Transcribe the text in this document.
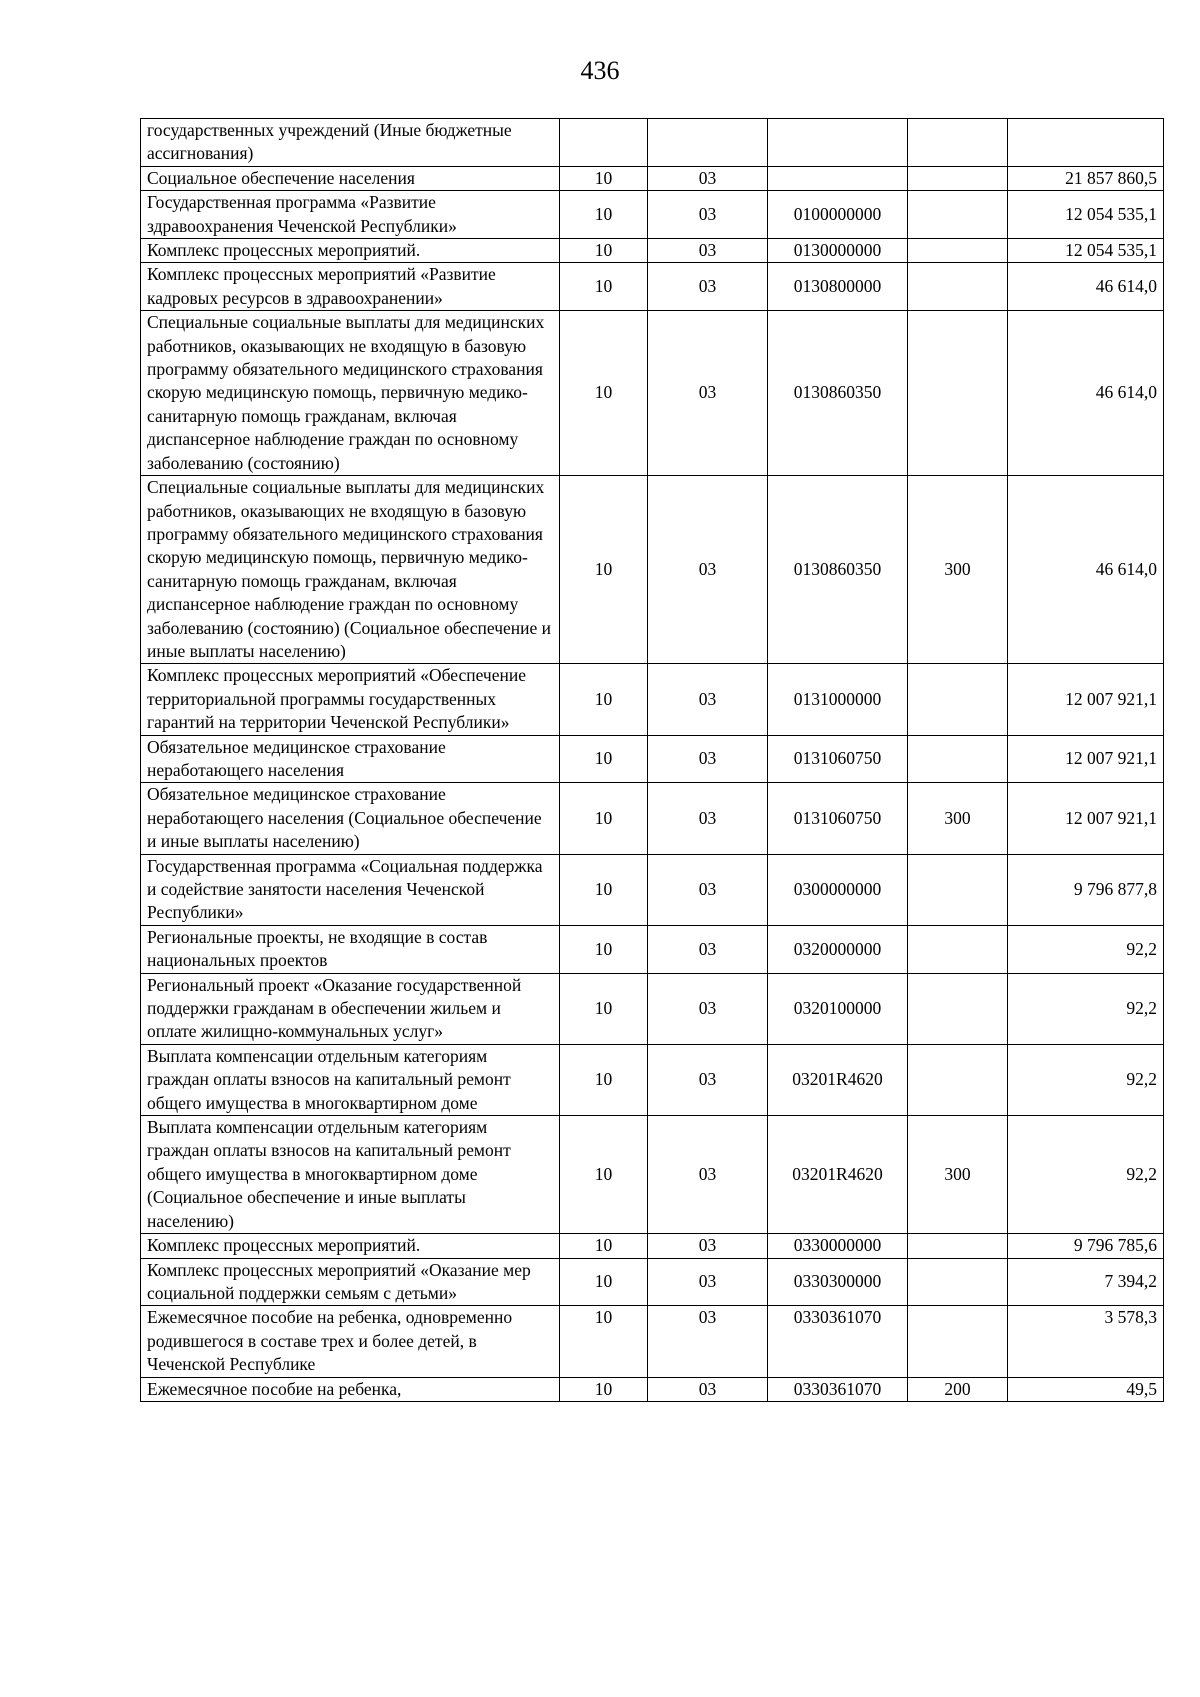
436
государственных учреждений (Иные бюджетные ассигнования)					
Социальное обеспечение населения	10	03			21 857 860,5
Государственная программа «Развитие здравоохранения Чеченской Республики»	10	03	0100000000		12 054 535,1
Комплекс процессных мероприятий.	10	03	0130000000		12 054 535,1
Комплекс процессных мероприятий «Развитие кадровых ресурсов в здравоохранении»	10	03	0130800000		46 614,0
Специальные социальные выплаты для медицинских работников, оказывающих не входящую в базовую программу обязательного медицинского страхования скорую медицинскую помощь, первичную медико-санитарную помощь гражданам, включая диспансерное наблюдение граждан по основному заболеванию (состоянию)	10	03	0130860350		46 614,0
Специальные социальные выплаты для медицинских работников, оказывающих не входящую в базовую программу обязательного медицинского страхования скорую медицинскую помощь, первичную медико-санитарную помощь гражданам, включая диспансерное наблюдение граждан по основному заболеванию (состоянию) (Социальное обеспечение и иные выплаты населению)	10	03	0130860350	300	46 614,0
Комплекс процессных мероприятий «Обеспечение территориальной программы государственных гарантий на территории Чеченской Республики»	10	03	0131000000		12 007 921,1
Обязательное медицинское страхование неработающего населения	10	03	0131060750		12 007 921,1
Обязательное медицинское страхование неработающего населения (Социальное обеспечение и иные выплаты населению)	10	03	0131060750	300	12 007 921,1
Государственная программа «Социальная поддержка и содействие занятости населения Чеченской Республики»	10	03	0300000000		9 796 877,8
Региональные проекты, не входящие в состав национальных проектов	10	03	0320000000		92,2
Региональный проект «Оказание государственной поддержки гражданам в обеспечении жильем и оплате жилищно-коммунальных услуг»	10	03	0320100000		92,2
Выплата компенсации отдельным категориям граждан оплаты взносов на капитальный ремонт общего имущества в многоквартирном доме	10	03	03201R4620		92,2
Выплата компенсации отдельным категориям граждан оплаты взносов на капитальный ремонт общего имущества в многоквартирном доме (Социальное обеспечение и иные выплаты населению)	10	03	03201R4620	300	92,2
Комплекс процессных мероприятий.	10	03	0330000000		9 796 785,6
Комплекс процессных мероприятий «Оказание мер социальной поддержки семьям с детьми»	10	03	0330300000		7 394,2
Ежемесячное пособие на ребенка, одновременно родившегося в составе трех и более детей, в Чеченской Республике	10	03	0330361070		3 578,3
Ежемесячное пособие на ребенка,	10	03	0330361070	200	49,5
